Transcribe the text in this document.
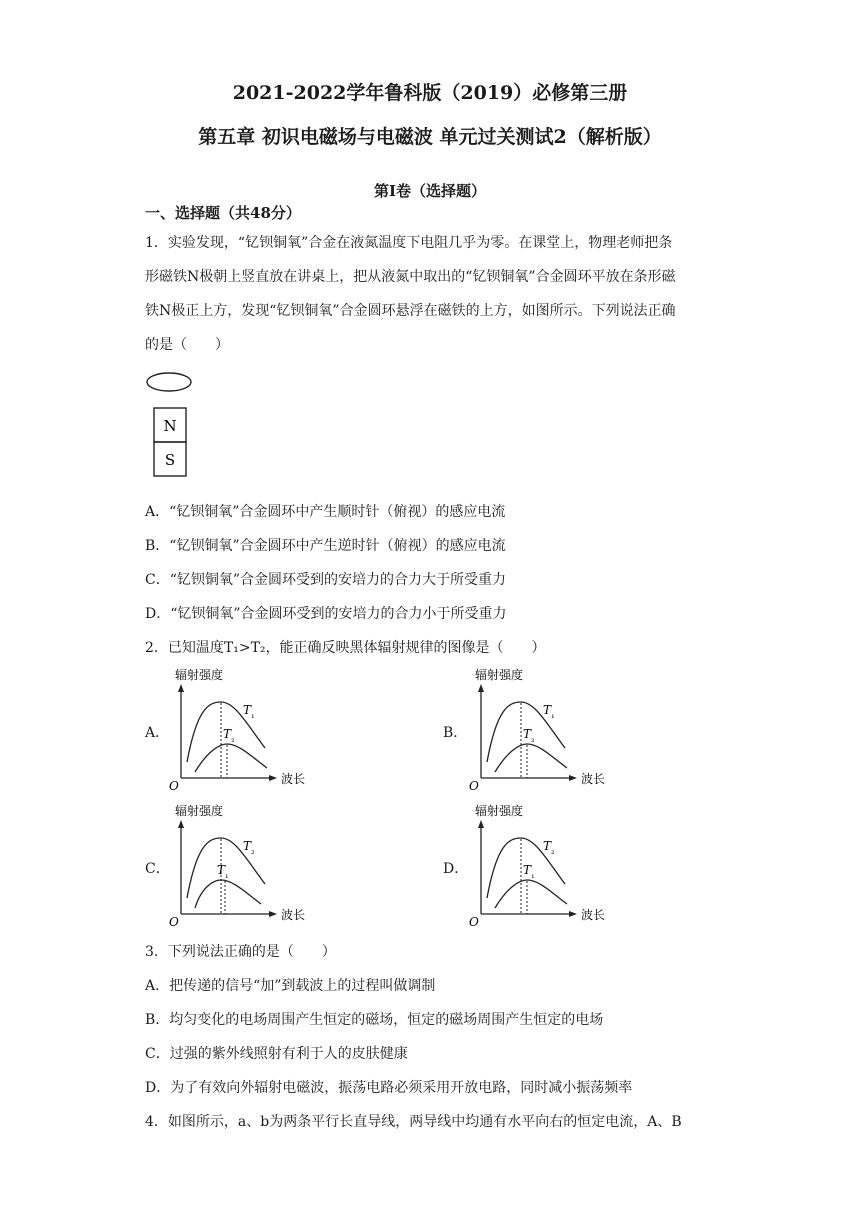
2021-2022学年鲁科版（2019）必修第三册
第五章 初识电磁场与电磁波 单元过关测试2（解析版）
第Ⅰ卷（选择题）
一、选择题（共48分）
1．实验发现，“钇钡铜氧”合金在液氮温度下电阻几乎为零。在课堂上，物理老师把条
形磁铁N极朝上竖直放在讲桌上，把从液氮中取出的“钇钡铜氧”合金圆环平放在条形磁
铁N极正上方，发现“钇钡铜氧”合金圆环悬浮在磁铁的上方，如图所示。下列说法正确
的是（　　）
N
S
A．“钇钡铜氧”合金圆环中产生顺时针（俯视）的感应电流
B．“钇钡铜氧”合金圆环中产生逆时针（俯视）的感应电流
C．“钇钡铜氧”合金圆环受到的安培力的合力大于所受重力
D．“钇钡铜氧”合金圆环受到的安培力的合力小于所受重力
2．已知温度T₁>T₂，能正确反映黑体辐射规律的图像是（　　）
A．	B．
C．	D．
辐射强度
波长
O
$T_{_1}$
$T_{_2}$
辐射强度
波长
O
$T_{_1}$
$T_{_2}$
辐射强度
波长
O
$T_{_2}$
$T_{_1}$
辐射强度
波长
O
$T_{_2}$
$T_{_1}$
3．下列说法正确的是（　　）
A．把传递的信号“加”到载波上的过程叫做调制
B．均匀变化的电场周围产生恒定的磁场，恒定的磁场周围产生恒定的电场
C．过强的紫外线照射有利于人的皮肤健康
D．为了有效向外辐射电磁波，振荡电路必须采用开放电路，同时减小振荡频率
4．如图所示，a、b为两条平行长直导线，两导线中均通有水平向右的恒定电流，A、B
